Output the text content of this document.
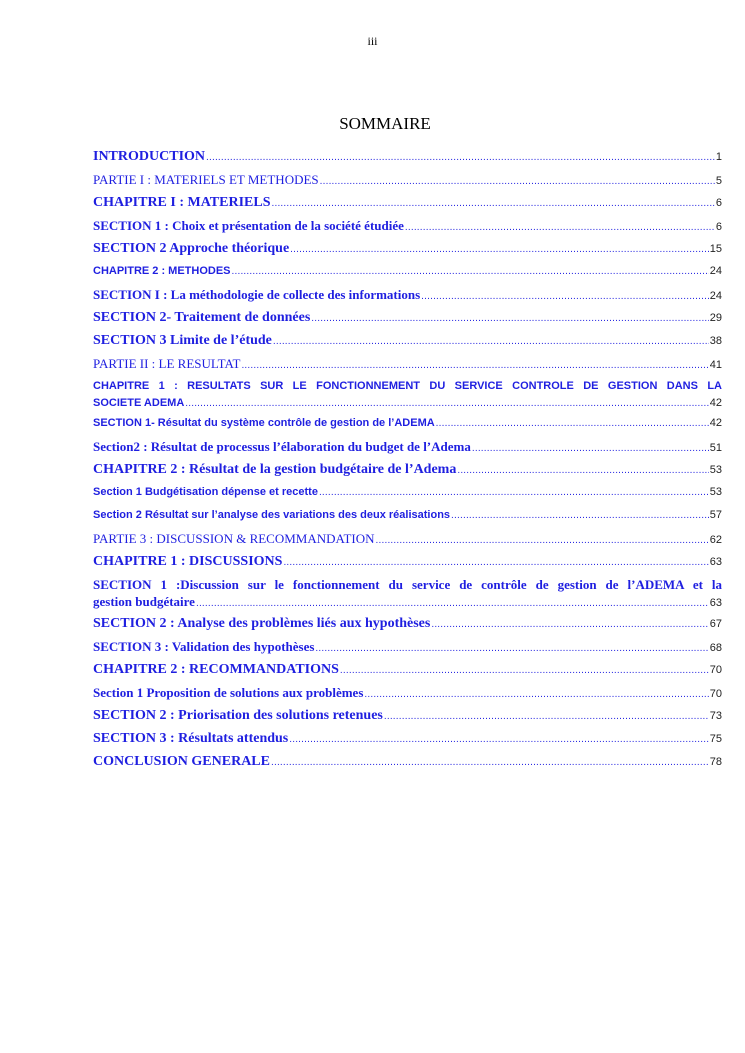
iii
SOMMAIRE
INTRODUCTION .....	1
PARTIE I : MATERIELS ET METHODES .....	5
CHAPITRE I : MATERIELS .....	6
SECTION 1 : Choix et présentation de la société étudiée .....	6
SECTION 2 Approche théorique .....	15
CHAPITRE 2 : METHODES .....	24
SECTION I : La méthodologie de collecte des informations .....	24
SECTION 2- Traitement de données .....	29
SECTION 3 Limite de l’étude .....	38
PARTIE II : LE RESULTAT .....	41
CHAPITRE 1 : RESULTATS SUR LE FONCTIONNEMENT DU SERVICE CONTROLE DE GESTION DANS LA
SOCIETE ADEMA .....	42
SECTION 1- Résultat du système contrôle de gestion de l’ADEMA .....	42
Section2 : Résultat de processus l’élaboration du budget de l’Adema .....	51
CHAPITRE 2 : Résultat de la gestion budgétaire de l’Adema .....	53
Section 1 Budgétisation dépense et recette .....	53
Section 2 Résultat sur l’analyse des variations des deux réalisations .....	57
PARTIE 3 : DISCUSSION & RECOMMANDATION .....	62
CHAPITRE 1 : DISCUSSIONS .....	63
SECTION 1 :Discussion sur le fonctionnement du service de contrôle de gestion de l’ADEMA et la
gestion budgétaire .....	63
SECTION 2 : Analyse des problèmes liés aux hypothèses .....	67
SECTION 3 : Validation des hypothèses .....	68
CHAPITRE 2 : RECOMMANDATIONS .....	70
Section 1 Proposition de solutions aux problèmes .....	70
SECTION 2 : Priorisation des solutions retenues .....	73
SECTION 3 : Résultats attendus .....	75
CONCLUSION GENERALE .....	78
